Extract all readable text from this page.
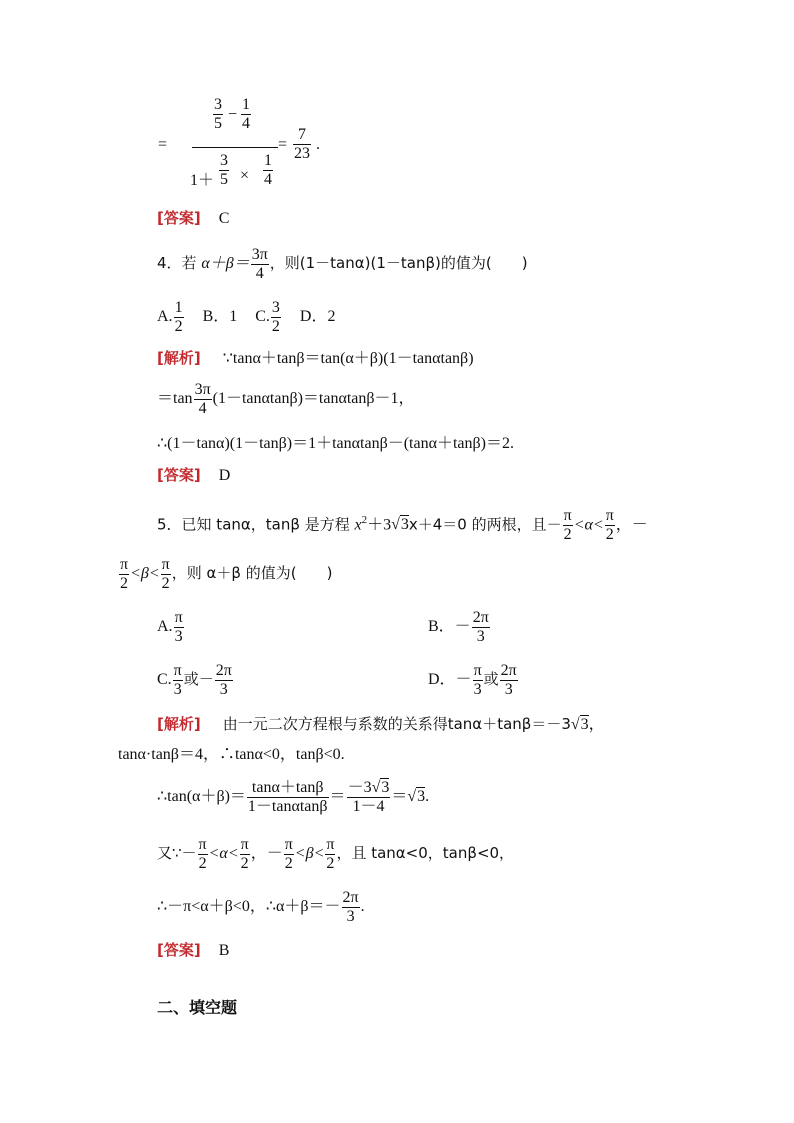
=
$\frac{3}{5} - \frac{1}{4}$
$1+ \frac{3}{5} \times \frac{1}{4}$
= $\frac{7}{23}$ .
[答案] C
4．若 $\alpha+\beta= \frac{3\pi}{4}$ ，则(1－tanα)(1－tanβ)的值为(　　)
A. $\frac{1}{2}$ B．1 C. $\frac{3}{2}$ D．2
[解析] ∵tanα＋tanβ＝tan(α＋β)(1－tanαtanβ)
$=\tan \frac{3\pi}{4} (1-\tan\alpha\tan\beta)=\tan\alpha\tan\beta-1$，
∴(1－tanα)(1－tanβ)＝1＋tanαtanβ－(tanα＋tanβ)＝2.
[答案] D
5．已知 tanα，tanβ 是方程 $x^2+3√3x+4=0$ 的两根，且－ $\frac{\pi}{2} <\alpha< \frac{\pi}{2}$ ，－
$\frac{\pi}{2} <\beta< \frac{\pi}{2}$ ，则 α＋β 的值为(　　)
A. $\frac{\pi}{3}$	B．－ $\frac{2\pi}{3}$
C. $\frac{\pi}{3}$ 或－ $\frac{2\pi}{3}$	D．－ $\frac{\pi}{3}$ 或 $\frac{2\pi}{3}$
[解析] 由一元二次方程根与系数的关系得tanα＋tanβ＝－3√3，
tanα·tanβ＝4，∴tanα<0，tanβ<0.
∴tan(α＋β)＝ $\frac{\tan\alpha+\tan\beta}{1-\tan\alpha\tan\beta} = \frac{-3√3}{1-4} =√3$.
又∵－ $\frac{\pi}{2} <\alpha< \frac{\pi}{2}$ ，－ $\frac{\pi}{2} <\beta< \frac{\pi}{2}$ ，且 tanα<0，tanβ<0，
∴－π<α＋β<0，∴α＋β＝－ $\frac{2\pi}{3}$ .
[答案] B
二、填空题
